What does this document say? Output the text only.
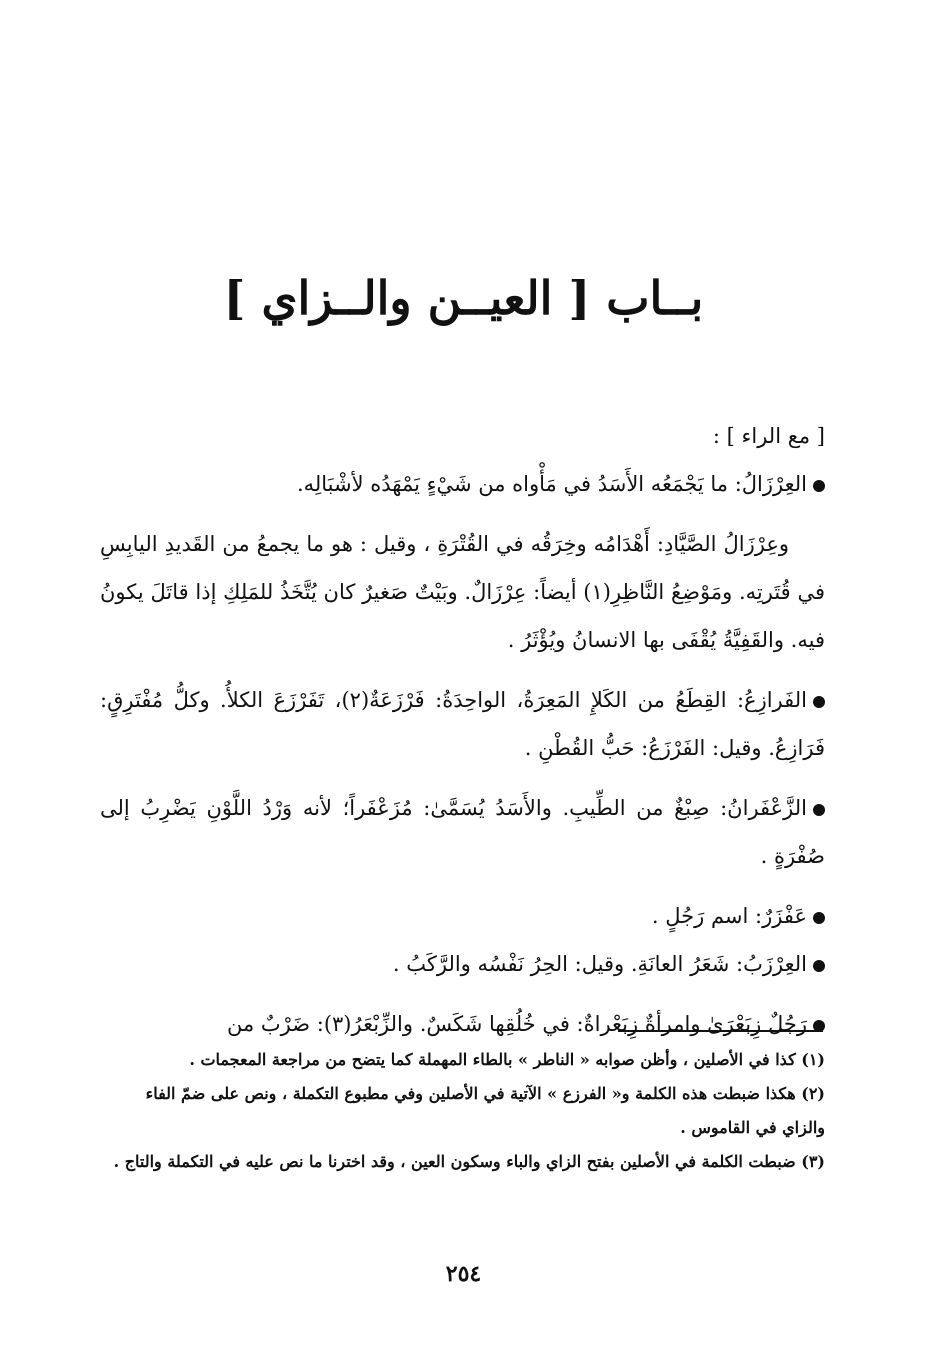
بــاب [ العيــن والــزاي ]

[ مع الراء ] :

العِرْزَالُ: ما يَجْمَعُه الأَسَدُ في مَأْواه من شَيْءٍ يَمْهَدُه لأشْبَالِه.

وعِرْزَالُ الصَّيَّادِ: أَهْدَامُه وخِرَقُه في القُتْرَةِ ، وقيل : هو ما يجمعُ من القَديدِ اليابِسِ في قُتَرتِه. ومَوْضِعُ النَّاظِرِ(١) أيضاً: عِرْزَالٌ. وبَيْتٌ صَغيرٌ كان يُتَّخَذُ للمَلِكِ إذا قاتَلَ يكونُ فيه. والقَفِيَّةُ يُقْفَى بها الانسانُ ويُؤْثَرُ .

الفَرازِعُ: القِطَعُ من الكَلإِ المَعِرَةُ، الواحِدَةُ: فَرْزَعَةٌ(٢)، تَفَرْزَعَ الكلأُ. وكلُّ مُفْتَرِقٍ: فَرَازِعُ. وقيل: الفَرْزَعُ: حَبُّ القُطْنِ .

الزَّعْفَرانُ: صِبْغٌ من الطِّيبِ. والأَسَدُ يُسَمَّىٰ: مُزَعْفَراً؛ لأنه وَرْدُ اللَّوْنِ يَضْرِبُ إلى صُفْرَةٍ .

عَفْزَرٌ: اسم رَجُلٍ .

العِرْزَبُ: شَعَرُ العانَةِ. وقيل: الحِرُ نَفْسُه والرَّكَبُ .

رَجُلٌ زِبَعْرَىٰ وامرأةٌ زِبَعْراةٌ: في خُلُقِها شَكَسٌ. والزِّبْعَرُ(٣): ضَرْبٌ من

(١) كذا في الأصلين ، وأظن صوابه « الناطر » بالطاء المهملة كما يتضح من مراجعة المعجمات .

(٢) هكذا ضبطت هذه الكلمة و« الفرزع » الآتية في الأصلين وفي مطبوع التكملة ، ونص على ضمّ الفاء والزاي في القاموس .

(٣) ضبطت الكلمة في الأصلين بفتح الزاي والباء وسكون العين ، وقد اخترنا ما نص عليه في التكملة والتاج .

٢٥٤
